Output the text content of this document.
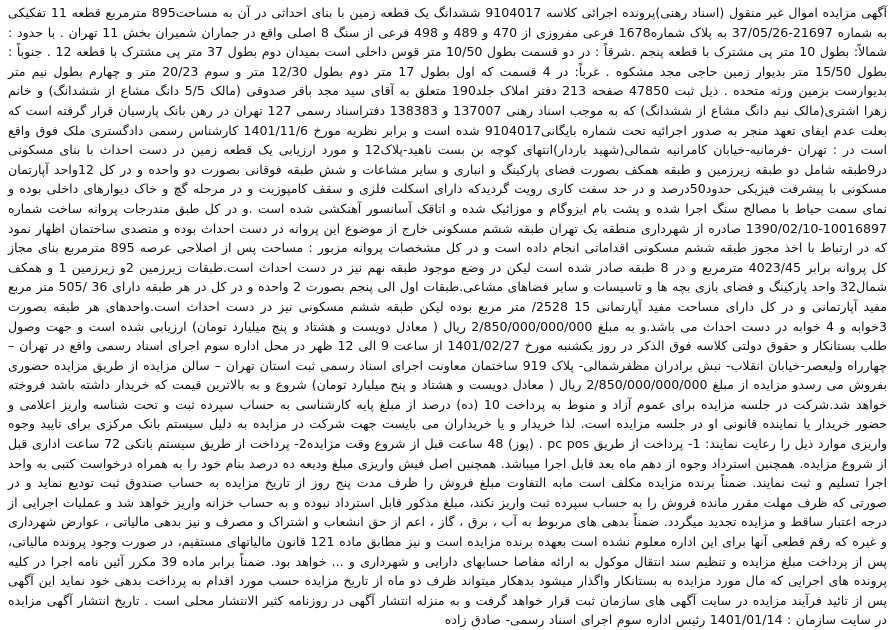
آگهی مزایده اموال غیر منقول (اسناد رهنی)پرونده اجرائی کلاسه 9104017 ششدانگ یک قطعه زمین با بنای احداثی در آن به مساحت895 مترمربع قطعه 11 تفکیکی به شماره 21697-37/05/26 به پلاک شماره1678 فرعی مفروزی از 470 و 489 و 498 فرعی از سنگ 8 اصلی واقع در جماران شمیران بخش 11 تهران . با حدود : شمالاً: بطول 10 متر پی مشترک با قطعه پنجم .شرقاً : در دو قسمت بطول 10/50 متر قوس داخلی است بمیدان دوم بطول 37 متر پی مشترک با قطعه 12 . جنوباً : بطول 15/50 متر بدیوار زمین حاجی مجد مشکوه . غرباً: در 4 قسمت که اول بطول 17 متر دوم بطول 12/30 متر و سوم 20/23 متر و چهارم بطول نیم متر بدیوارست بزمین ورثه متحده . ذیل ثبت 47850 صفحه 213 دفتر املاک جلد190 متعلق به آقای سید مجد باقر صدوقی (مالک 5/5 دانگ مشاع از ششدانگ) و خانم زهرا اشتری(مالک نیم دانگ مشاع از ششدانگ) که به موجب اسناد رهنی 137007 و 138383 دفتراسناد رسمی 127 تهران در رهن بانک پارسیان قرار گرفته است که بعلت عدم ایفای تعهد منجر به صدور اجرائیه تحت شماره بایگانی9104017 شده است و برابر نظریه مورخ 1401/11/6 کارشناس رسمی دادگستری ملک فوق واقع است در : تهران -فرمانیه-خیابان کامرانیه شمالی(شهید باردار)انتهای کوچه بن بست ناهید-پلاک12 و مورد ارزیابی یک قطعه زمین در دست احداث با بنای مسکونی در9طبقه شامل دو طبقه زیرزمین و طبقه همکف بصورت فضای پارکینگ و انباری و سایر مشاعات و شش طبقه فوقانی بصورت دو واحده و در کل 12واحد آپارتمان مسکونی با پیشرفت فیزیکی حدود50درصد و در حد سفت کاری رویت گردیدکه دارای اسکلت فلزی و سقف کامپوزیت و در مرحله گچ و خاک دیوارهای داخلی بوده و نمای سمت حیاط با مصالح سنگ اجرا شده و پشت بام ایزوگام و موزائیک شده و اتاقک آسانسور آهنکشی شده است .و در کل طبق مندرجات پروانه ساخت شماره 10016897-1390/02/10 صادره از شهرداری منطقه یک تهران طبقه ششم مسکونی خارج از موضوع این پروانه در دست احداث بوده و متصدی ساختمان اظهار نمود که در ارتباط با اخذ مجوز طبقه ششم مسکونی اقداماتی انجام داده است و در کل مشخصات پروانه مزبور : مساحت پس از اصلاحی عرصه 895 مترمربع بنای مجاز کل پروانه برابر 4023/45 مترمربع و در 8 طبقه صادر شده است لیکن در وضع موجود طبقه نهم نیز در دست احداث است.طبقات زیرزمین 2و زیرزمین 1 و همکف شمال32 واحد پارکینگ و فضای بازی بچه ها و تاسیسات و سایر فضاهای مشاعی.طبقات اول الی پنجم بصورت 2 واحده و در کل در هر طبقه دارای 36 /505 متر مربع مفید آپارتمانی و در کل دارای مساحت مفید آپارتمانی 15 2528/ متر مربع بوده لیکن طبقه ششم مسکونی نیز در دست احداث است.واحدهای هر طبقه بصورت 3خوابه و 4 خوابه در دست احداث می باشد.و به مبلغ 2/850/000/000/000 ریال ( معادل دویست و هشتاد و پنج میلیارد تومان) ارزیابی شده است و جهت وصول طلب بستانکار و حقوق دولتی کلاسه فوق الذکر در روز یکشنبه مورخ 1401/02/27 از ساعت 9 الی 12 ظهر در محل اداره سوم اجرای اسناد رسمی واقع در تهران – چهارراه ولیعصر-خیابان انقلاب- نبش برادران مظفرشمالی- پلاک 919 ساختمان معاونت اجرای اسناد رسمی ثبت استان تهران – سالن مزایده از طریق مزایده حضوری بفروش می رسدو مزایده از مبلغ 2/850/000/000/000 ریال ( معادل دویست و هشتاد و پنج میلیارد تومان) شروع و به بالاترین قیمت که خریدار داشته باشد فروخته خواهد شد.شرکت در جلسه مزایده برای عموم آزاد و منوط به پرداخت 10 (ده) درصد از مبلغ پایه کارشناسی به حساب سپرده ثبت و تحت شناسه واریز اعلامی و حضور خریدار یا نماینده قانونی او در جلسه مزایده است. لذا خریدار و یا خریداران می بایست جهت شرکت در مزایده به دلیل سیستم بانک مرکزی برای تایید وجوه واریزی موارد ذیل را رعایت نمایند: 1- پرداخت از طریق pc pos . (پوز) 48 ساعت قبل از شروع وقت مزایده2- پرداخت از طریق سیستم بانکی 72 ساعت اداری قبل از شروع مزایده. همچنین استرداد وجوه از دهم ماه بعد قابل اجرا میباشد. همچنین اصل فیش واریزی مبلغ ودیعه ده درصد بنام خود را به همراه درخواست کتبی به واحد اجرا تسلیم و ثبت نمایند. ضمناً برنده مزایده مکلف است مابه التفاوت مبلغ فروش را ظرف مدت پنج روز از تاریخ مزایده به حساب صندوق ثبت تودیع نماید و در صورتی که ظرف مهلت مقرر مانده فروش را به حساب سپرده ثبت واریز نکند، مبلغ مذکور قابل استرداد نبوده و به حساب خزانه واریز خواهد شد و عملیات اجرایی از درجه اعتبار ساقط و مزایده تجدید میگردد. ضمناً بدهی های مربوط به آب ، برق ، گاز ، اعم از حق انشعاب و اشتراک و مصرف و نیز بدهی مالیاتی ، عوارض شهرداری و غیره که رقم قطعی آنها برای این اداره معلوم نشده است بعهده برنده مزایده است و نیز مطابق ماده 121 قانون مالیاتهای مستقیم، در صورت وجود پرونده مالیاتی، پس از پرداخت مبلغ مزایده و تنظیم سند انتقال موکول به ارائه مفاصا حسابهای دارایی و شهرداری و ... خواهد بود. ضمناً برابر ماده 39 مکرر آئین نامه اجرا در کلیه پرونده های اجرایی که مال مورد مزایده به بستانکار واگذار میشود بدهکار میتواند ظرف دو ماه از تاریخ مزایده حسب مورد اقدام به پرداخت بدهی خود نماید این آگهی پس از تائید فرآیند مزایده در سایت آگهی های سازمان ثبت قرار خواهد گرفت و به منزله انتشار آگهی در روزنامه کثیر الانتشار محلی است . تاریخ انتشار آگهی مزایده در سایت سازمان : 1401/01/14 رئیس اداره سوم اجرای اسناد رسمی- صادق زاده
